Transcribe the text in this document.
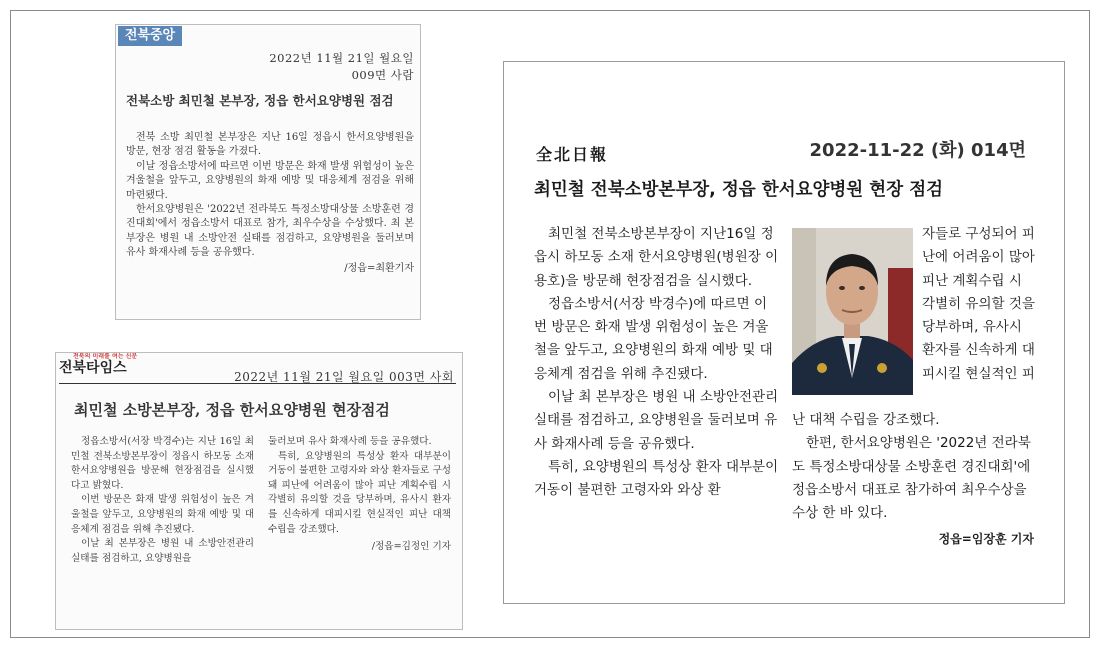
전북중앙
2022년 11월 21일 월요일
009면 사람
전북소방 최민철 본부장, 정읍 한서요양병원 점검

전북 소방 최민철 본부장은 지난 16일 정읍시 한서요양병원을 방문, 현장 점검 활동을 가졌다.

이날 정읍소방서에 따르면 이번 방문은 화재 발생 위험성이 높은 겨울철을 앞두고, 요양병원의 화재 예방 및 대응체계 점검을 위해 마련됐다.

한서요양병원은 '2022년 전라북도 특정소방대상물 소방훈련 경진대회'에서 정읍소방서 대표로 참가, 최우수상을 수상했다. 최 본부장은 병원 내 소방안전 실태를 점검하고, 요양병원을 둘러보며 유사 화재사례 등을 공유했다.

/정읍=최환기자
전북의 미래를 여는 신문
전북타임스
2022년 11월 21일 월요일 003면 사회
최민철 소방본부장, 정읍 한서요양병원 현장점검

정읍소방서(서장 박경수)는 지난 16일 최민철 전북소방본부장이 정읍시 하모동 소재 한서요양병원을 방문해 현장점검을 실시했다고 밝혔다.

이번 방문은 화재 발생 위험성이 높은 겨울철을 앞두고, 요양병원의 화재 예방 및 대응체계 점검을 위해 추진됐다.

이날 최 본부장은 병원 내 소방안전관리 실태를 점검하고, 요양병원을

둘러보며 유사 화재사례 등을 공유했다.

특히, 요양병원의 특성상 환자 대부분이 거동이 불편한 고령자와 와상 환자들로 구성돼 피난에 어려움이 많아 피난 계획수립 시 각별히 유의할 것을 당부하며, 유사시 환자를 신속하게 대피시킬 현실적인 피난 대책 수립을 강조했다.

/정읍=김정인 기자
全北日報	2022-11-22 (화) 014면
최민철 전북소방본부장, 정읍 한서요양병원 현장 점검

최민철 전북소방본부장이 지난16일 정읍시 하모동 소재 한서요양병원(병원장 이용호)을 방문해 현장점검을 실시했다.

정읍소방서(서장 박경수)에 따르면 이번 방문은 화재 발생 위험성이 높은 겨울철을 앞두고, 요양병원의 화재 예방 및 대응체계 점검을 위해 추진됐다.

이날 최 본부장은 병원 내 소방안전관리 실태를 점검하고, 요양병원을 둘러보며 유사 화재사례 등을 공유했다.

특히, 요양병원의 특성상 환자 대부분이 거동이 불편한 고령자와 와상 환

자들로 구성되어 피난에 어려움이 많아 피난 계획수립 시 각별히 유의할 것을 당부하며, 유사시 환자를 신속하게 대피시킬 현실적인 피

난 대책 수립을 강조했다.

한편, 한서요양병원은 '2022년 전라북도 특정소방대상물 소방훈련 경진대회'에 정읍소방서 대표로 참가하여 최우수상을 수상 한 바 있다.

정읍=임장훈 기자
